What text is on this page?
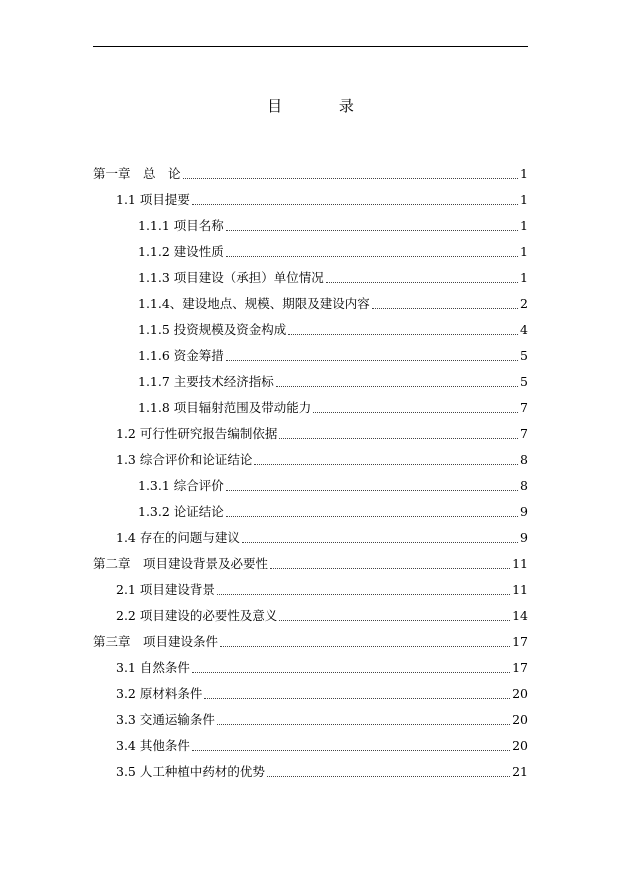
目 录
第一章　总　论	1
1.1 项目提要	1
1.1.1 项目名称	1
1.1.2 建设性质	1
1.1.3 项目建设（承担）单位情况	1
1.1.4、建设地点、规模、期限及建设内容	2
1.1.5 投资规模及资金构成	4
1.1.6 资金筹措	5
1.1.7 主要技术经济指标	5
1.1.8 项目辐射范围及带动能力	7
1.2 可行性研究报告编制依据	7
1.3 综合评价和论证结论	8
1.3.1 综合评价	8
1.3.2 论证结论	9
1.4 存在的问题与建议	9
第二章　项目建设背景及必要性	11
2.1 项目建设背景	11
2.2 项目建设的必要性及意义	14
第三章　项目建设条件	17
3.1 自然条件	17
3.2 原材料条件	20
3.3 交通运输条件	20
3.4 其他条件	20
3.5 人工种植中药材的优势	21
